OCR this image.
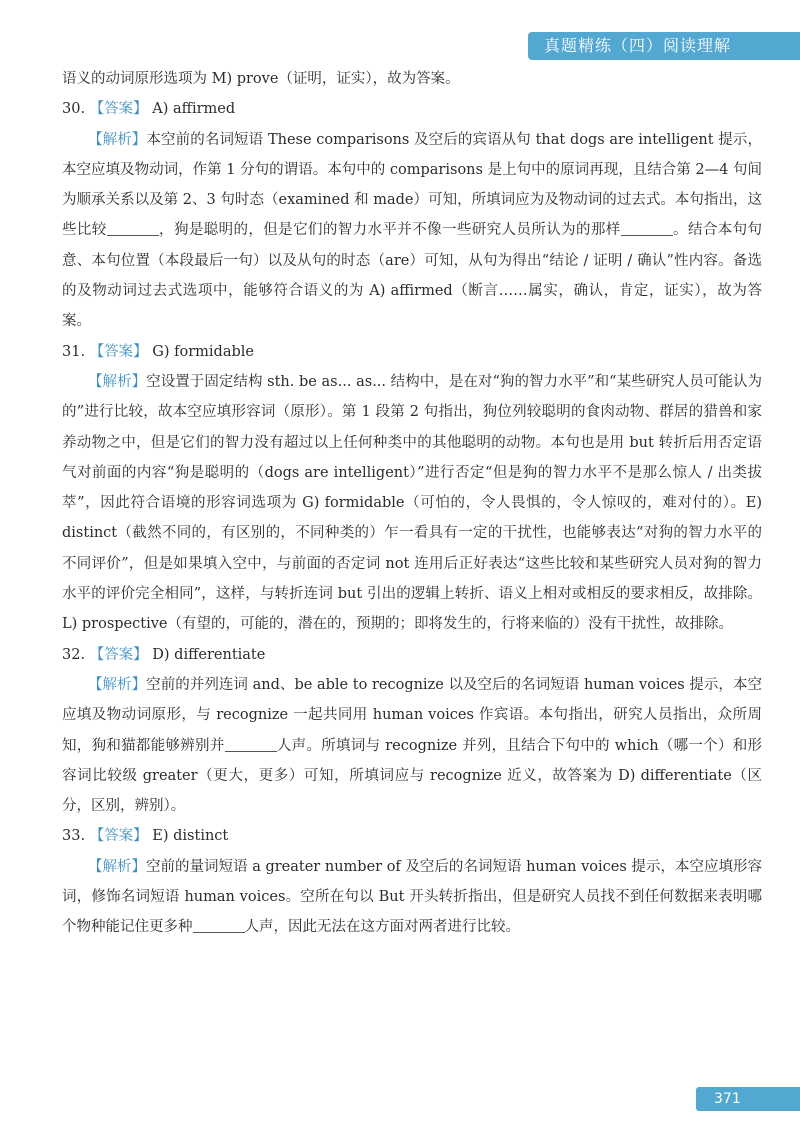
真题精练（四）阅读理解

语义的动词原形选项为 M) prove（证明，证实），故为答案。

30. 【答案】 A) affirmed

【解析】本空前的名词短语 These comparisons 及空后的宾语从句 that dogs are intelligent 提示，本空应填及物动词，作第 1 分句的谓语。本句中的 comparisons 是上句中的原词再现，且结合第 2—4 句间为顺承关系以及第 2、3 句时态（examined 和 made）可知，所填词应为及物动词的过去式。本句指出，这些比较	，狗是聪明的，但是它们的智力水平并不像一些研究人员所认为的那样	。结合本句句意、本句位置（本段最后一句）以及从句的时态（are）可知，从句为得出“结论 / 证明 / 确认”性内容。备选的及物动词过去式选项中，能够符合语义的为 A) affirmed（断言……属实，确认，肯定，证实），故为答案。

31. 【答案】 G) formidable

【解析】空设置于固定结构 sth. be as... as... 结构中，是在对“狗的智力水平”和“某些研究人员可能认为的”进行比较，故本空应填形容词（原形）。第 1 段第 2 句指出，狗位列较聪明的食肉动物、群居的猎兽和家养动物之中，但是它们的智力没有超过以上任何种类中的其他聪明的动物。本句也是用 but 转折后用否定语气对前面的内容“狗是聪明的（dogs are intelligent）”进行否定“但是狗的智力水平不是那么惊人 / 出类拔萃”，因此符合语境的形容词选项为 G) formidable（可怕的，令人畏惧的，令人惊叹的，难对付的）。E) distinct（截然不同的，有区别的，不同种类的）乍一看具有一定的干扰性，也能够表达“对狗的智力水平的不同评价”，但是如果填入空中，与前面的否定词 not 连用后正好表达“这些比较和某些研究人员对狗的智力水平的评价完全相同”，这样，与转折连词 but 引出的逻辑上转折、语义上相对或相反的要求相反，故排除。L) prospective（有望的，可能的，潜在的，预期的；即将发生的，行将来临的）没有干扰性，故排除。

32. 【答案】 D) differentiate

【解析】空前的并列连词 and、be able to recognize 以及空后的名词短语 human voices 提示，本空应填及物动词原形，与 recognize 一起共同用 human voices 作宾语。本句指出，研究人员指出，众所周知，狗和猫都能够辨别并	人声。所填词与 recognize 并列，且结合下句中的 which（哪一个）和形容词比较级 greater（更大，更多）可知，所填词应与 recognize 近义，故答案为 D) differentiate（区分，区别，辨别）。

33. 【答案】 E) distinct

【解析】空前的量词短语 a greater number of 及空后的名词短语 human voices 提示，本空应填形容词，修饰名词短语 human voices。空所在句以 But 开头转折指出，但是研究人员找不到任何数据来表明哪个物种能记住更多种	人声，因此无法在这方面对两者进行比较。

371
